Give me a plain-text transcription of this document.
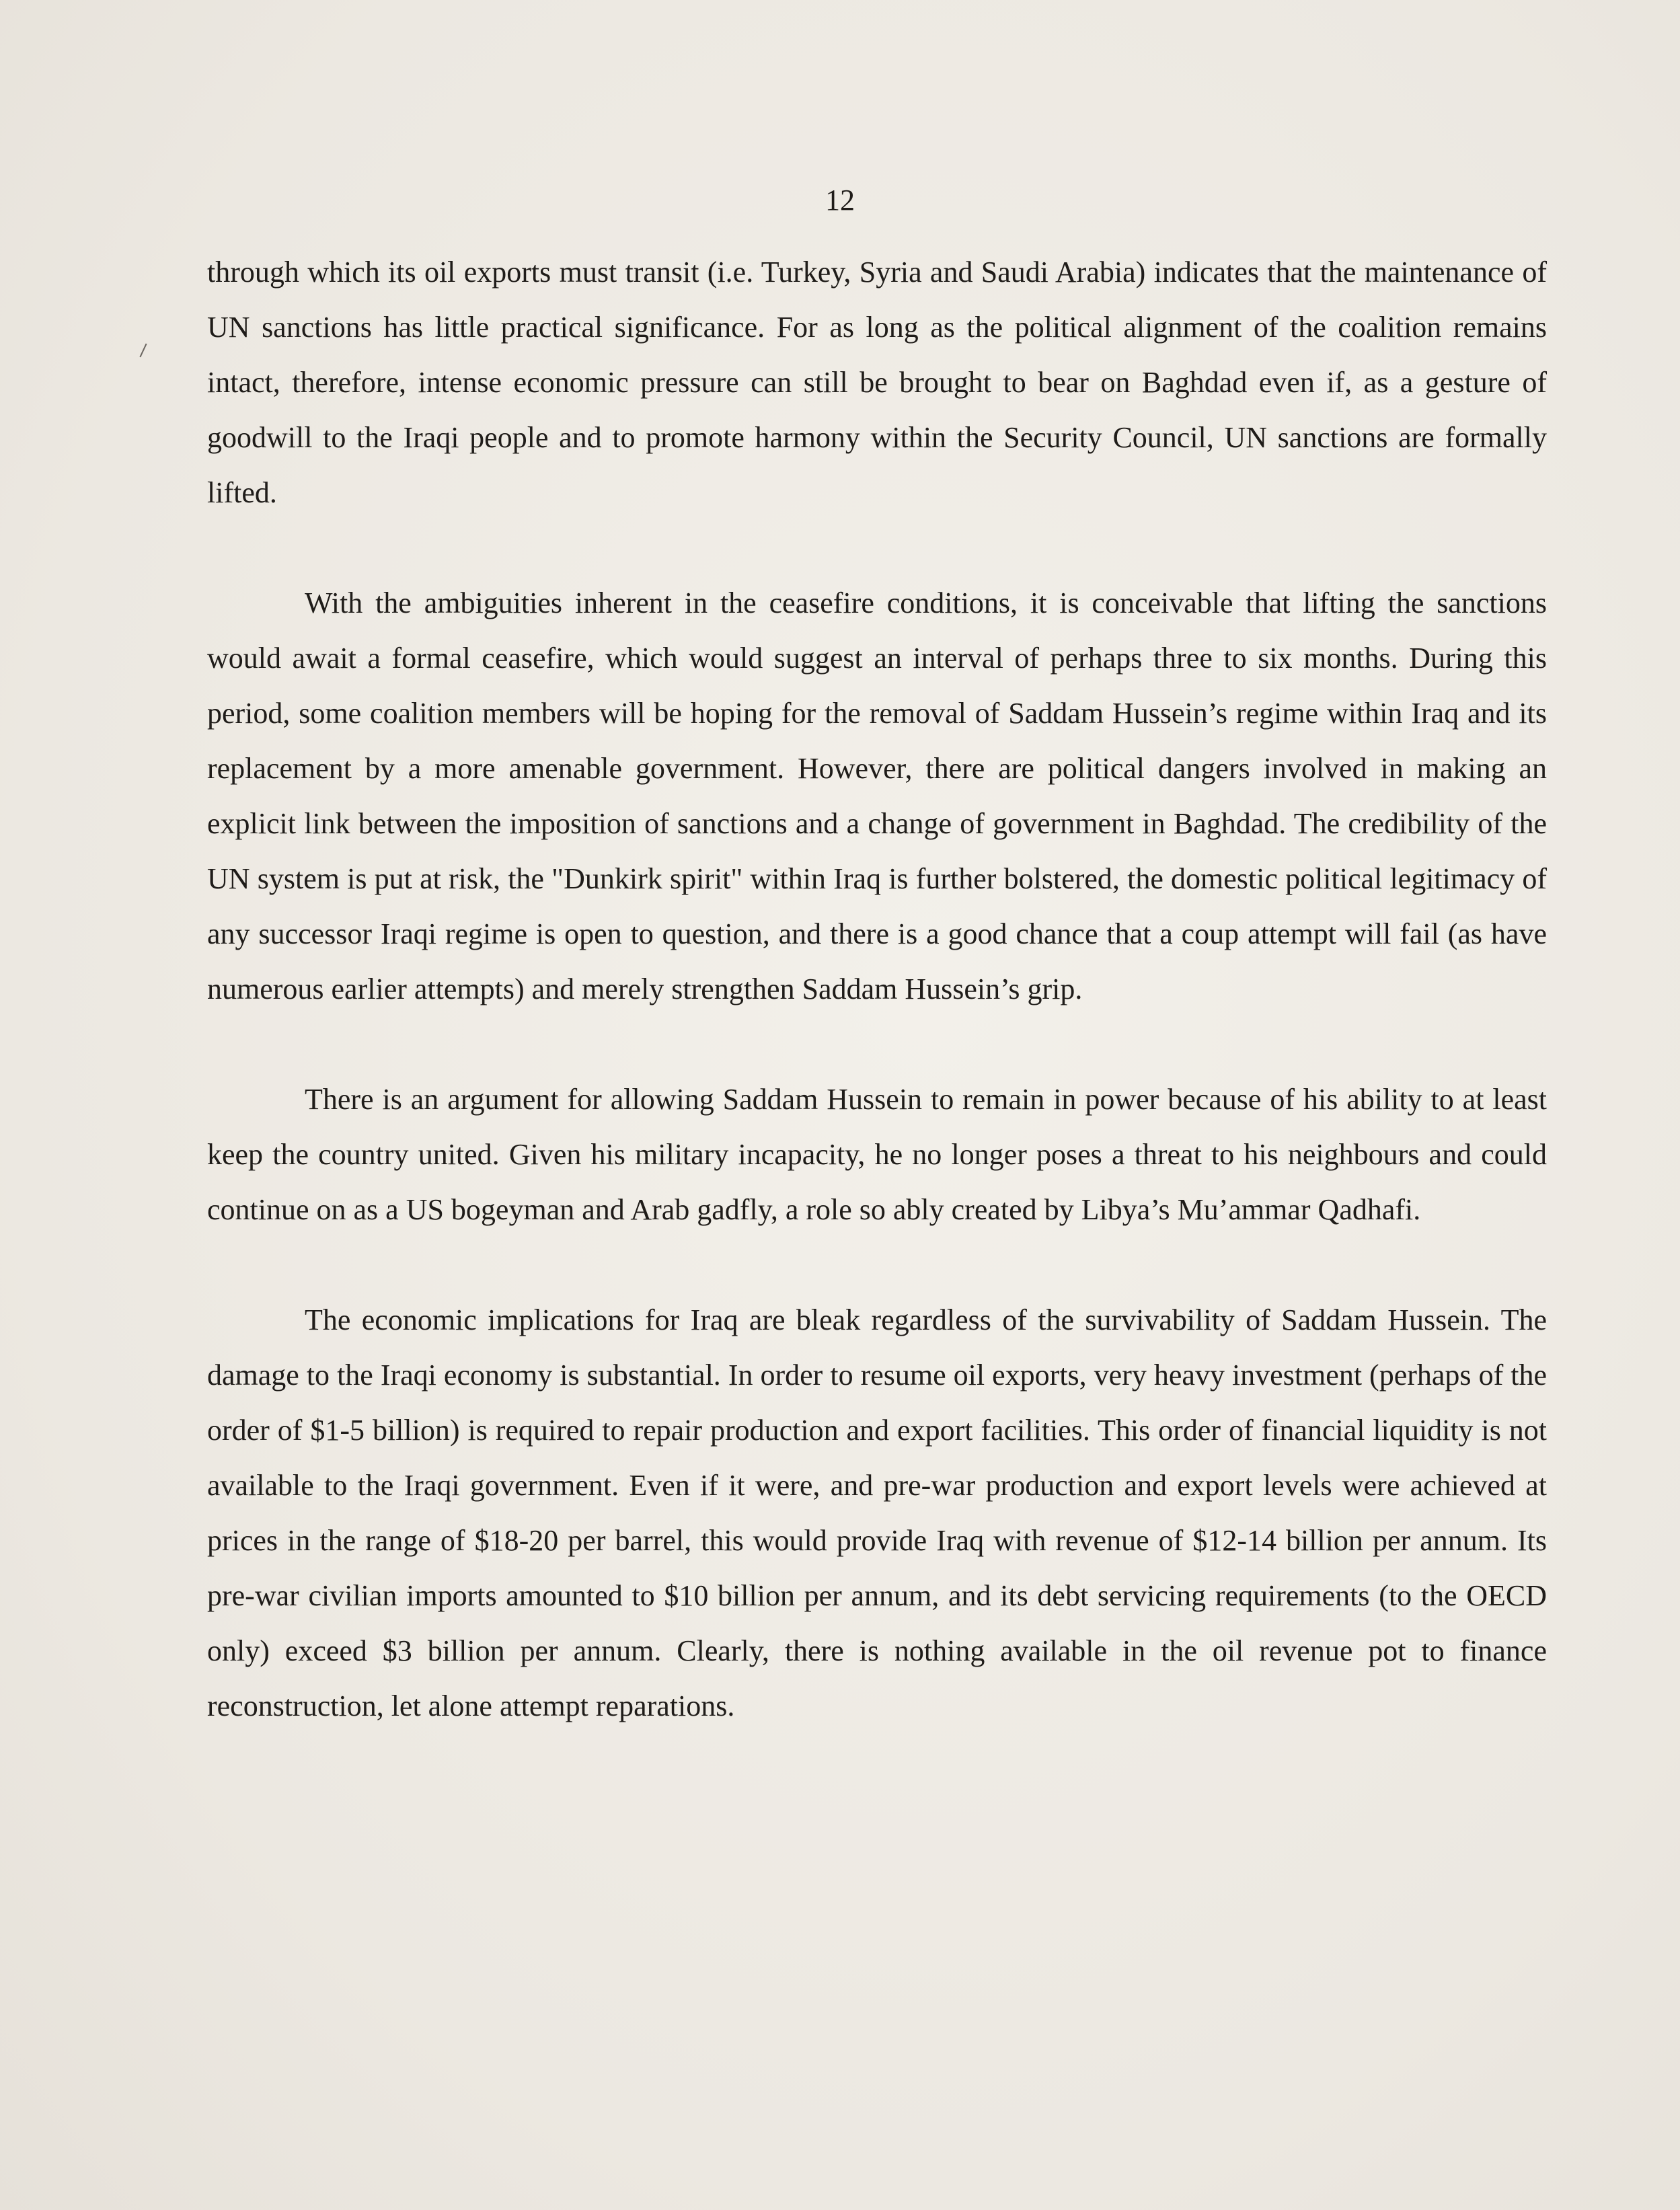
12

through which its oil exports must transit (i.e. Turkey, Syria and Saudi Arabia) indicates that the maintenance of UN sanctions has little practical significance. For as long as the political alignment of the coalition remains intact, therefore, intense economic pressure can still be brought to bear on Baghdad even if, as a gesture of goodwill to the Iraqi people and to promote harmony within the Security Council, UN sanctions are formally lifted.

With the ambiguities inherent in the ceasefire conditions, it is conceivable that lifting the sanctions would await a formal ceasefire, which would suggest an interval of perhaps three to six months. During this period, some coalition members will be hoping for the removal of Saddam Hussein’s regime within Iraq and its replacement by a more amenable government. However, there are political dangers involved in making an explicit link between the imposition of sanctions and a change of government in Baghdad. The credibility of the UN system is put at risk, the "Dunkirk spirit" within Iraq is further bolstered, the domestic political legitimacy of any successor Iraqi regime is open to question, and there is a good chance that a coup attempt will fail (as have numerous earlier attempts) and merely strengthen Saddam Hussein’s grip.

There is an argument for allowing Saddam Hussein to remain in power because of his ability to at least keep the country united. Given his military incapacity, he no longer poses a threat to his neighbours and could continue on as a US bogeyman and Arab gadfly, a role so ably created by Libya’s Mu’ammar Qadhafi.

The economic implications for Iraq are bleak regardless of the survivability of Saddam Hussein. The damage to the Iraqi economy is substantial. In order to resume oil exports, very heavy investment (perhaps of the order of $1-5 billion) is required to repair production and export facilities. This order of financial liquidity is not available to the Iraqi government. Even if it were, and pre-war production and export levels were achieved at prices in the range of $18-20 per barrel, this would provide Iraq with revenue of $12-14 billion per annum. Its pre-war civilian imports amounted to $10 billion per annum, and its debt servicing requirements (to the OECD only) exceed $3 billion per annum. Clearly, there is nothing available in the oil revenue pot to finance reconstruction, let alone attempt reparations.
